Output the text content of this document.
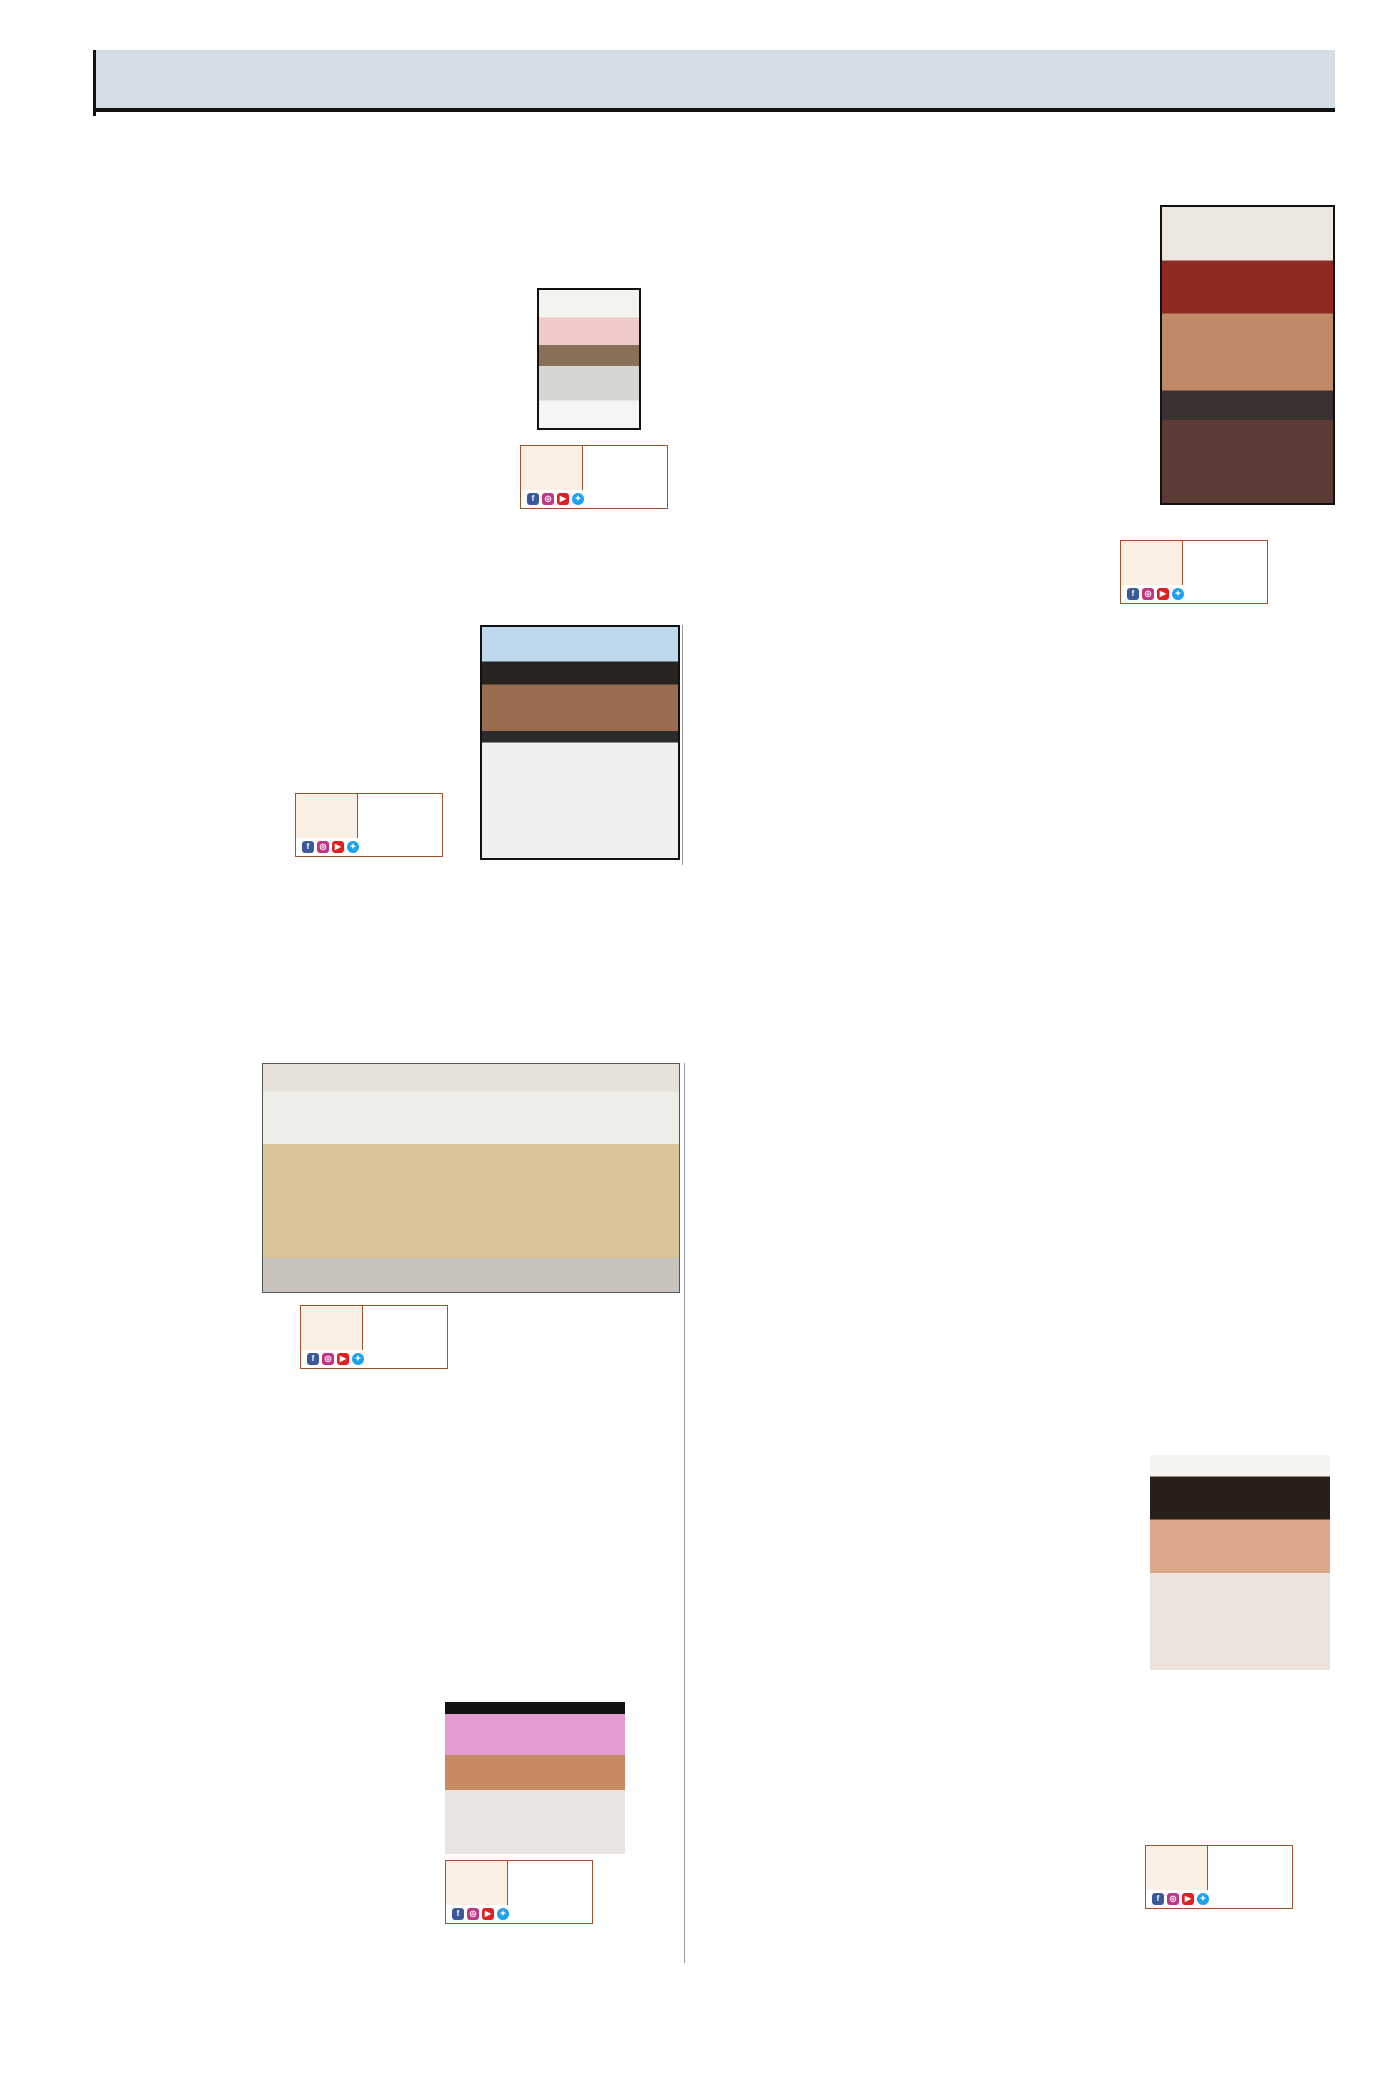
f	◎	▶	✦
f	◎	▶	✦

f	◎	▶	✦
f	◎	▶	✦
f	◎	▶	✦

f	◎	▶	✦
